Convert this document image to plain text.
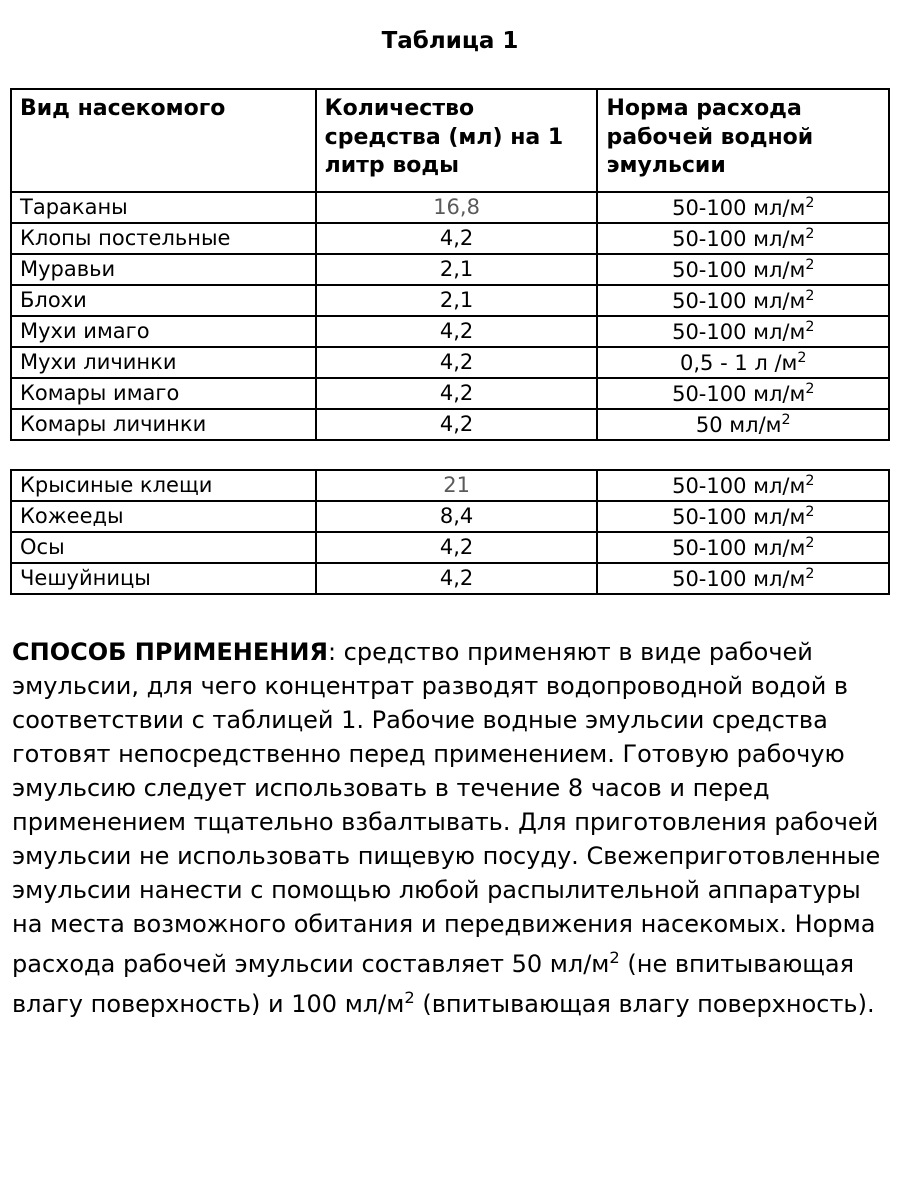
Таблица 1
Вид насекомого	Количество средства (мл) на 1 литр воды	Норма расхода рабочей водной эмульсии
Тараканы	16,8	50-100 $мл/м^2$
Клопы постельные	4,2	50-100 $мл/м^2$
Муравьи	2,1	50-100 $мл/м^2$
Блохи	2,1	50-100 $мл/м^2$
Мухи имаго	4,2	50-100 $мл/м^2$
Мухи личинки	4,2	0,5 - 1 л $/м^2$
Комары имаго	4,2	50-100 $мл/м^2$
Комары личинки	4,2	50 $мл/м^2$
Крысиные клещи	21	50-100 $мл/м^2$
Кожееды	8,4	50-100 $мл/м^2$
Осы	4,2	50-100 $мл/м^2$
Чешуйницы	4,2	50-100 $мл/м^2$

СПОСОБ ПРИМЕНЕНИЯ: средство применяют в виде рабочей эмульсии, для чего концентрат разводят водопроводной водой в соответствии с таблицей 1. Рабочие водные эмульсии средства готовят непосредственно перед применением. Готовую рабочую эмульсию следует использовать в течение 8 часов и перед применением тщательно взбалтывать. Для приготовления рабочей эмульсии не использовать пищевую посуду. Свежеприготовленные эмульсии нанести с помощью любой распылительной аппаратуры на места возможного обитания и передвижения насекомых. Норма расхода рабочей эмульсии составляет 50 $мл/м^2$ (не впитывающая влагу поверхность) и 100 $мл/м^2$ (впитывающая влагу поверхность).
